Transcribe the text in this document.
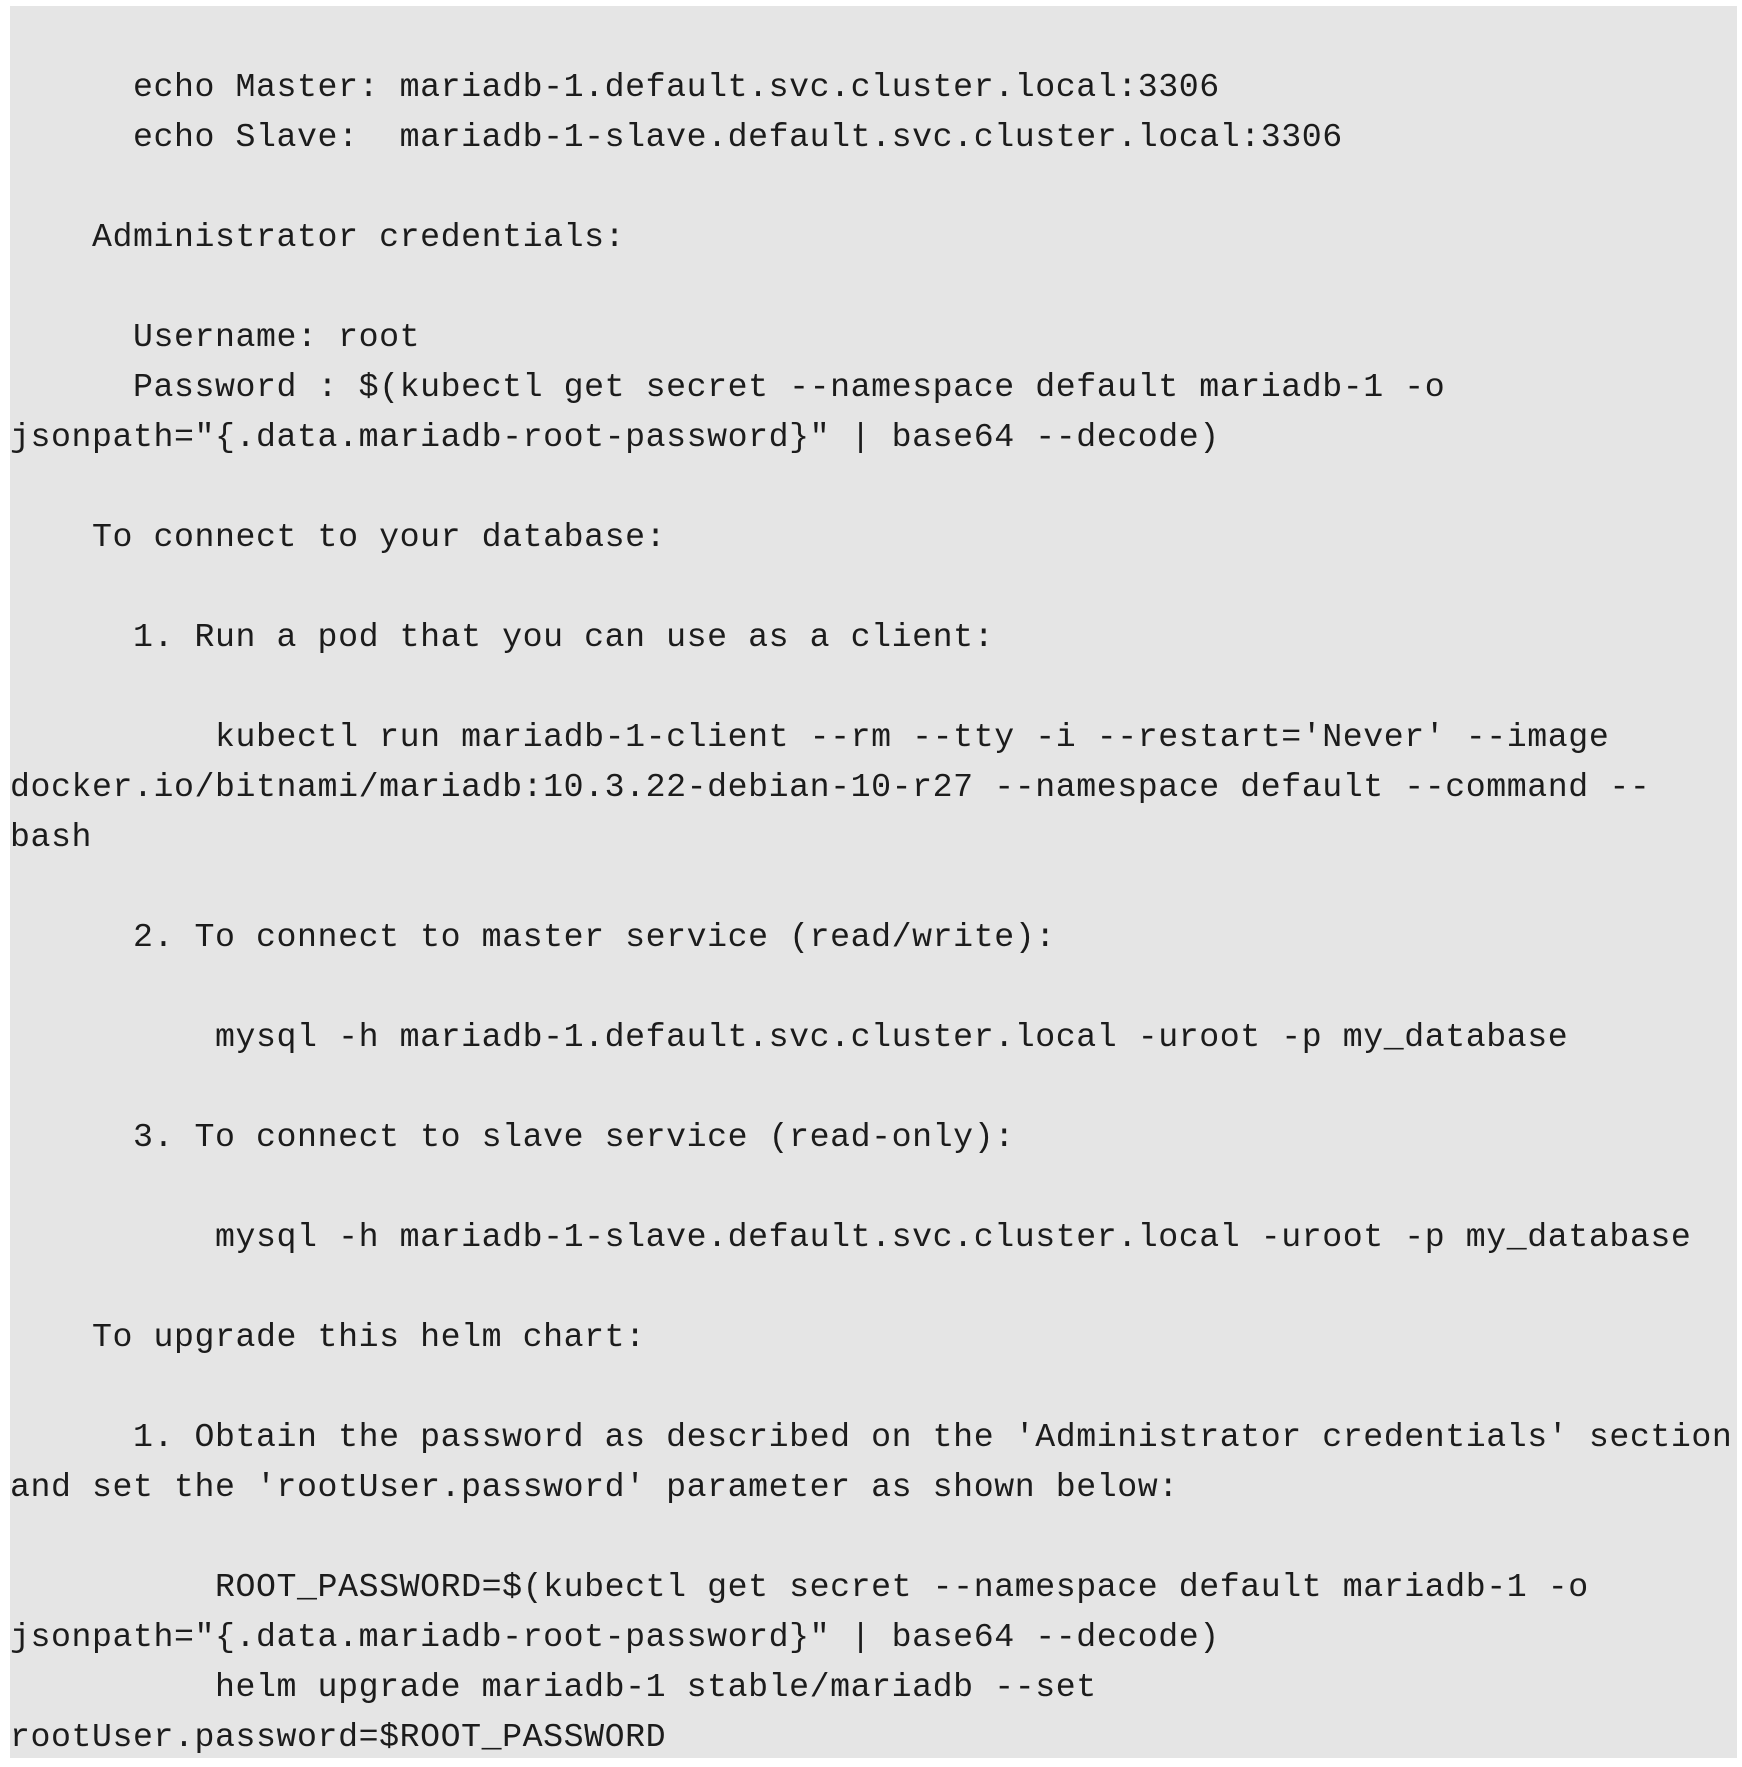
echo Master: mariadb-1.default.svc.cluster.local:3306
echo Slave:  mariadb-1-slave.default.svc.cluster.local:3306
Administrator credentials:
Username: root
Password : $(kubectl get secret --namespace default mariadb-1 -o
jsonpath="{.data.mariadb-root-password}" | base64 --decode)
To connect to your database:
1. Run a pod that you can use as a client:
kubectl run mariadb-1-client --rm --tty -i --restart='Never' --image
docker.io/bitnami/mariadb:10.3.22-debian-10-r27 --namespace default --command --
bash
2. To connect to master service (read/write):
mysql -h mariadb-1.default.svc.cluster.local -uroot -p my_database
3. To connect to slave service (read-only):
mysql -h mariadb-1-slave.default.svc.cluster.local -uroot -p my_database
To upgrade this helm chart:
1. Obtain the password as described on the 'Administrator credentials' section
and set the 'rootUser.password' parameter as shown below:
ROOT_PASSWORD=$(kubectl get secret --namespace default mariadb-1 -o
jsonpath="{.data.mariadb-root-password}" | base64 --decode)
helm upgrade mariadb-1 stable/mariadb --set
rootUser.password=$ROOT_PASSWORD
